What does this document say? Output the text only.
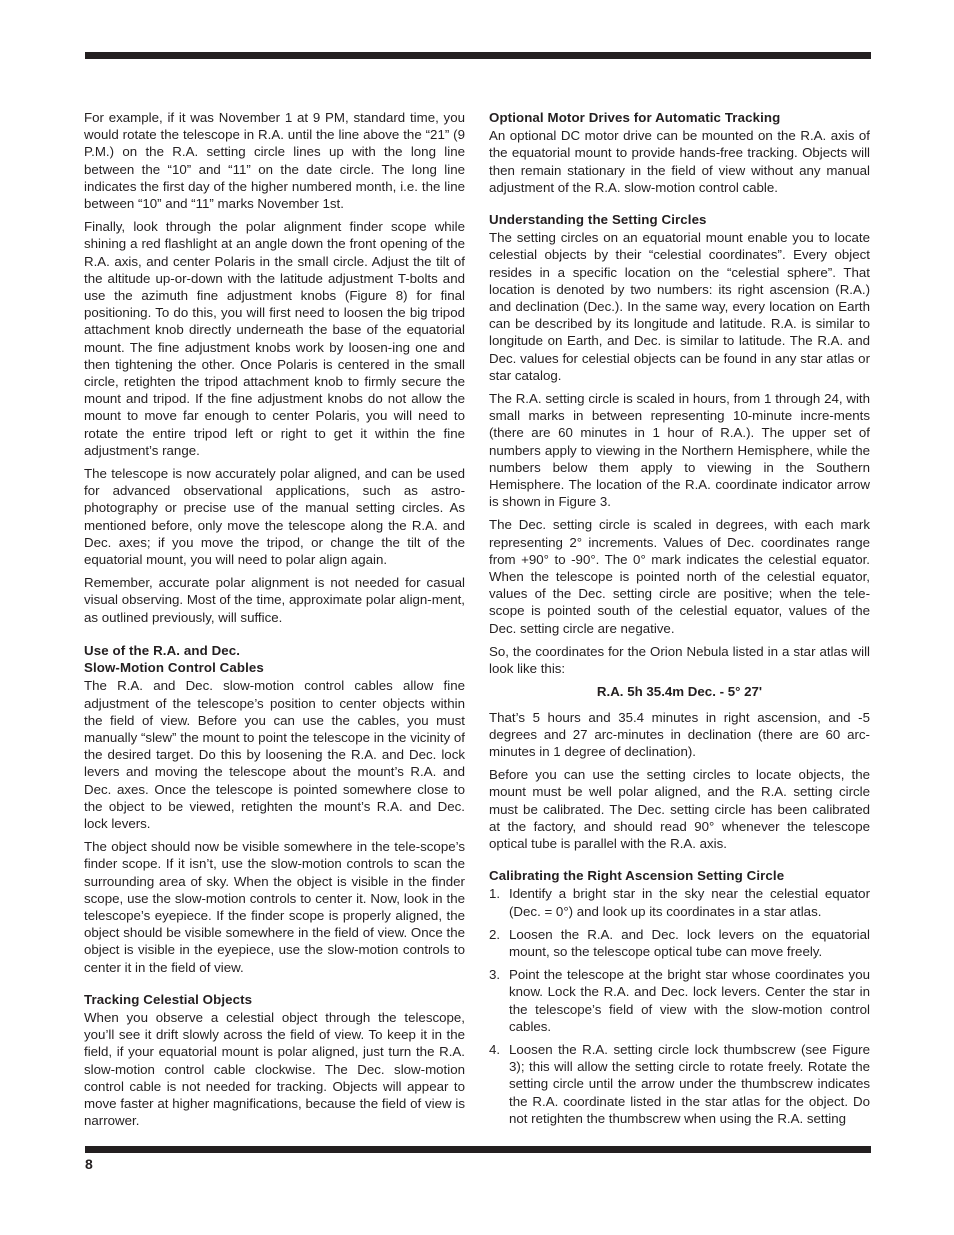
For example, if it was November 1 at 9 PM, standard time, you would rotate the telescope in R.A. until the line above the “21” (9 P.M.) on the R.A. setting circle lines up with the long line between the “10” and “11” on the date circle. The long line indicates the first day of the higher numbered month, i.e. the line between “10” and “11” marks November 1st.

Finally, look through the polar alignment finder scope while shining a red flashlight at an angle down the front opening of the R.A. axis, and center Polaris in the small circle. Adjust the tilt of the altitude up-or-down with the latitude adjustment T-bolts and use the azimuth fine adjustment knobs (Figure 8) for final positioning. To do this, you will first need to loosen the big tripod attachment knob directly underneath the base of the equatorial mount. The fine adjustment knobs work by loosen-ing one and then tightening the other. Once Polaris is centered in the small circle, retighten the tripod attachment knob to firmly secure the mount and tripod. If the fine adjustment knobs do not allow the mount to move far enough to center Polaris, you will need to rotate the entire tripod left or right to get it within the fine adjustment’s range.

The telescope is now accurately polar aligned, and can be used for advanced observational applications, such as astro-photography or precise use of the manual setting circles. As mentioned before, only move the telescope along the R.A. and Dec. axes; if you move the tripod, or change the tilt of the equatorial mount, you will need to polar align again.

Remember, accurate polar alignment is not needed for casual visual observing. Most of the time, approximate polar align-ment, as outlined previously, will suffice.

Use of the R.A. and Dec.
Slow-Motion Control Cables

The R.A. and Dec. slow-motion control cables allow fine adjustment of the telescope’s position to center objects within the field of view. Before you can use the cables, you must manually “slew” the mount to point the telescope in the vicinity of the desired target. Do this by loosening the R.A. and Dec. lock levers and moving the telescope about the mount’s R.A. and Dec. axes. Once the telescope is pointed somewhere close to the object to be viewed, retighten the mount’s R.A. and Dec. lock levers.

The object should now be visible somewhere in the tele-scope’s finder scope. If it isn’t, use the slow-motion controls to scan the surrounding area of sky. When the object is visible in the finder scope, use the slow-motion controls to center it. Now, look in the telescope’s eyepiece. If the finder scope is properly aligned, the object should be visible somewhere in the field of view. Once the object is visible in the eyepiece, use the slow-motion controls to center it in the field of view.

Tracking Celestial Objects

When you observe a celestial object through the telescope, you’ll see it drift slowly across the field of view. To keep it in the field, if your equatorial mount is polar aligned, just turn the R.A. slow-motion control cable clockwise. The Dec. slow-motion control cable is not needed for tracking. Objects will appear to move faster at higher magnifications, because the field of view is narrower.

Optional Motor Drives for Automatic Tracking

An optional DC motor drive can be mounted on the R.A. axis of the equatorial mount to provide hands-free tracking. Objects will then remain stationary in the field of view without any manual adjustment of the R.A. slow-motion control cable.

Understanding the Setting Circles

The setting circles on an equatorial mount enable you to locate celestial objects by their “celestial coordinates”. Every object resides in a specific location on the “celestial sphere”. That location is denoted by two numbers: its right ascension (R.A.) and declination (Dec.). In the same way, every location on Earth can be described by its longitude and latitude. R.A. is similar to longitude on Earth, and Dec. is similar to latitude. The R.A. and Dec. values for celestial objects can be found in any star atlas or star catalog.

The R.A. setting circle is scaled in hours, from 1 through 24, with small marks in between representing 10-minute incre-ments (there are 60 minutes in 1 hour of R.A.). The upper set of numbers apply to viewing in the Northern Hemisphere, while the numbers below them apply to viewing in the Southern Hemisphere. The location of the R.A. coordinate indicator arrow is shown in Figure 3.

The Dec. setting circle is scaled in degrees, with each mark representing 2° increments. Values of Dec. coordinates range from +90° to -90°. The 0° mark indicates the celestial equator. When the telescope is pointed north of the celestial equator, values of the Dec. setting circle are positive; when the tele-scope is pointed south of the celestial equator, values of the Dec. setting circle are negative.

So, the coordinates for the Orion Nebula listed in a star atlas will look like this:

R.A. 5h 35.4m Dec. - 5° 27'

That’s 5 hours and 35.4 minutes in right ascension, and -5 degrees and 27 arc-minutes in declination (there are 60 arc-minutes in 1 degree of declination).

Before you can use the setting circles to locate objects, the mount must be well polar aligned, and the R.A. setting circle must be calibrated. The Dec. setting circle has been calibrated at the factory, and should read 90° whenever the telescope optical tube is parallel with the R.A. axis.

Calibrating the Right Ascension Setting Circle
1. Identify a bright star in the sky near the celestial equator (Dec. = 0°) and look up its coordinates in a star atlas.
2. Loosen the R.A. and Dec. lock levers on the equatorial mount, so the telescope optical tube can move freely.
3. Point the telescope at the bright star whose coordinates you know. Lock the R.A. and Dec. lock levers. Center the star in the telescope’s field of view with the slow-motion control cables.
4. Loosen the R.A. setting circle lock thumbscrew (see Figure 3); this will allow the setting circle to rotate freely. Rotate the setting circle until the arrow under the thumbscrew indicates the R.A. coordinate listed in the star atlas for the object. Do not retighten the thumbscrew when using the R.A. setting
8
